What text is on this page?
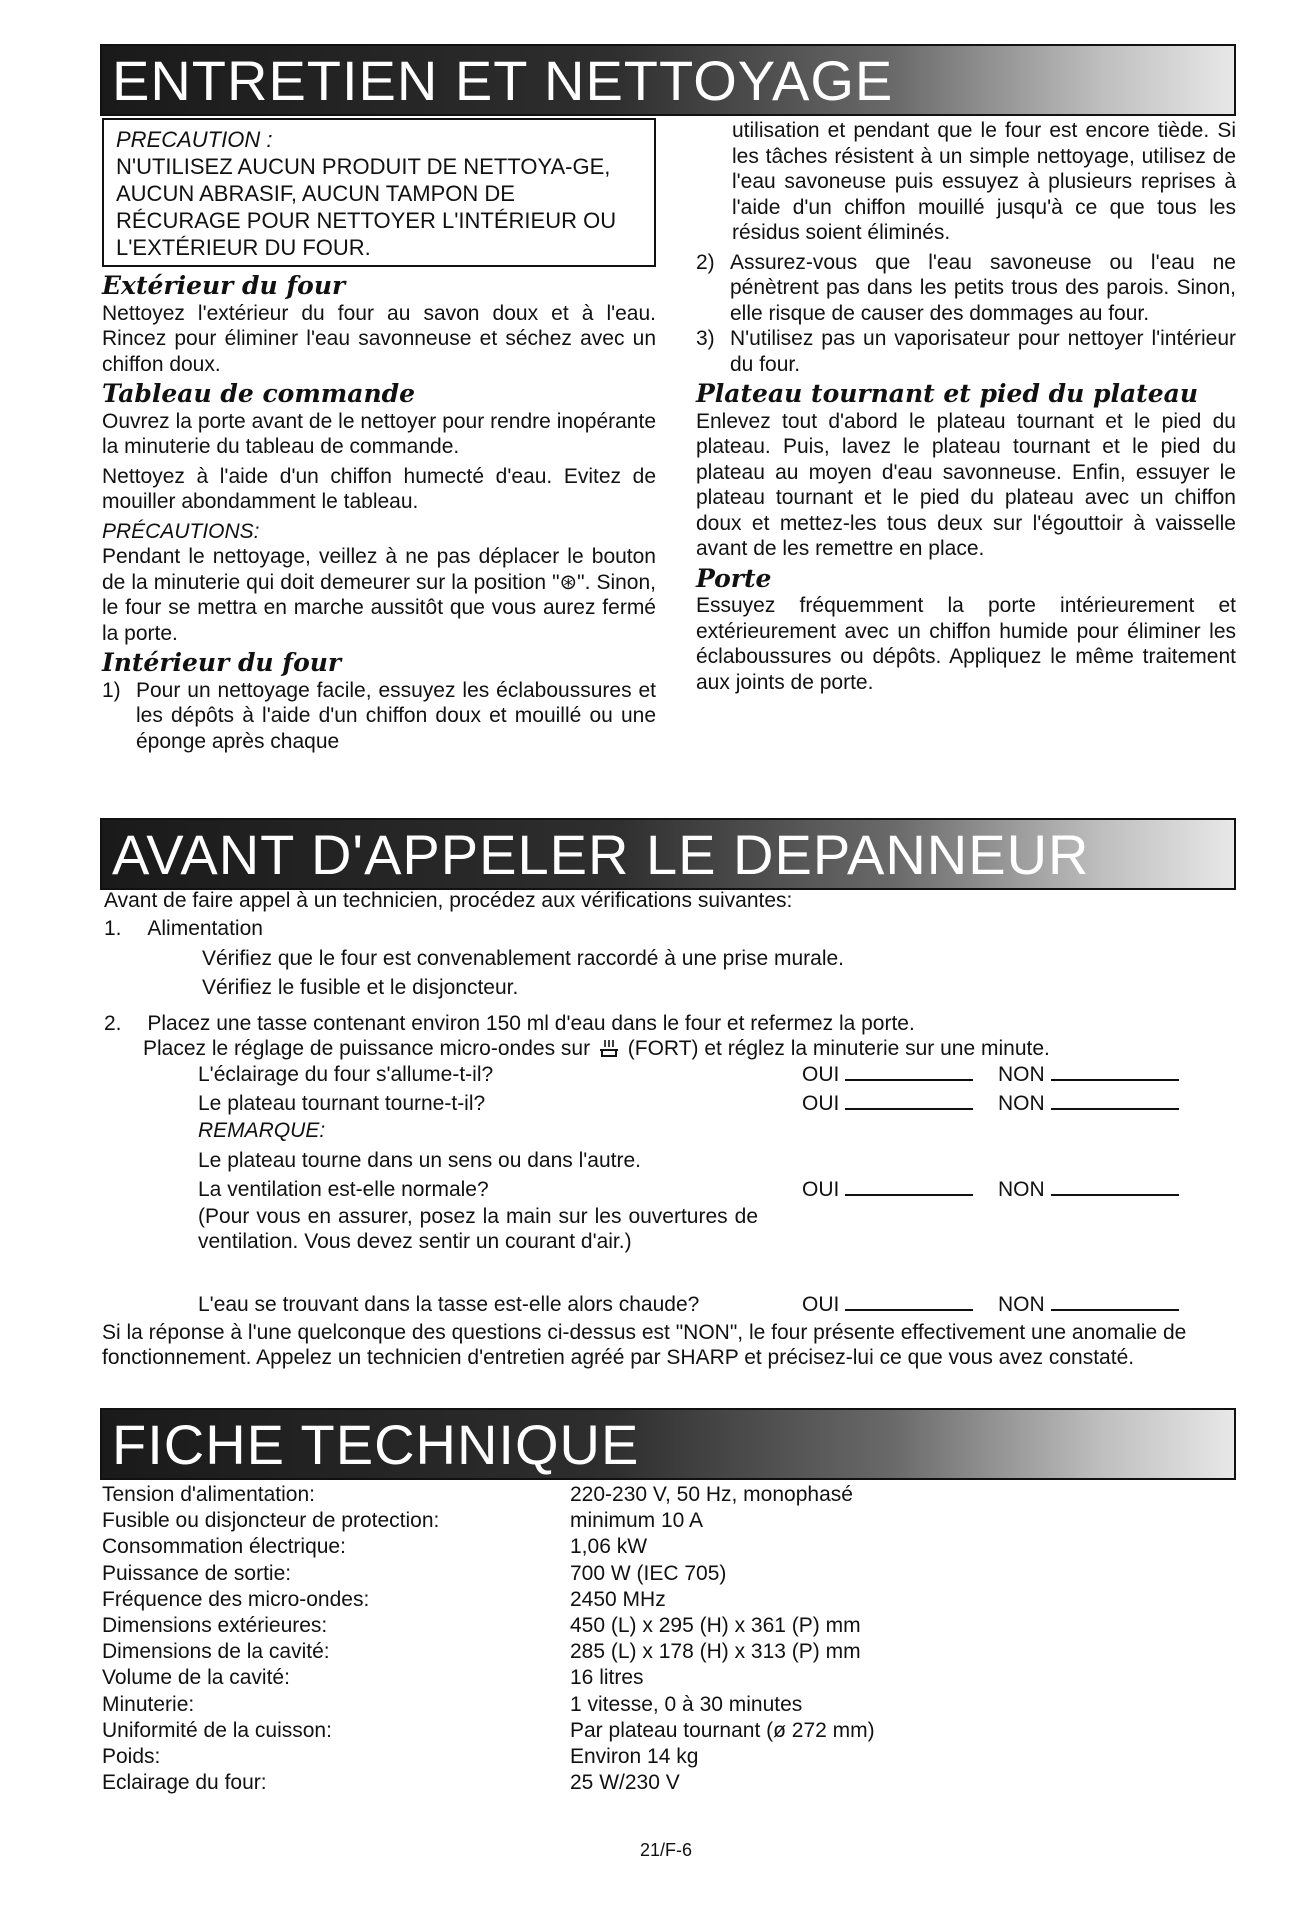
ENTRETIEN ET NETTOYAGE
PRECAUTION :
N'UTILISEZ AUCUN PRODUIT DE NETTOYA-GE, AUCUN ABRASIF, AUCUN TAMPON DE RÉCURAGE POUR NETTOYER L'INTÉRIEUR OU L'EXTÉRIEUR DU FOUR.
Extérieur du four

Nettoyez l'extérieur du four au savon doux et à l'eau. Rincez pour éliminer l'eau savonneuse et séchez avec un chiffon doux.

Tableau de commande

Ouvrez la porte avant de le nettoyer pour rendre inopérante la minuterie du tableau de commande.

Nettoyez à l'aide d'un chiffon humecté d'eau. Evitez de mouiller abondamment le tableau.

PRÉCAUTIONS:

Pendant le nettoyage, veillez à ne pas déplacer le bouton de la minuterie qui doit demeurer sur la position "⊛". Sinon, le four se mettra en marche aussitôt que vous aurez fermé la porte.

Intérieur du four
1) Pour un nettoyage facile, essuyez les éclaboussures et les dépôts à l'aide d'un chiffon doux et mouillé ou une éponge après chaque

utilisation et pendant que le four est encore tiède. Si les tâches résistent à un simple nettoyage, utilisez de l'eau savoneuse puis essuyez à plusieurs reprises à l'aide d'un chiffon mouillé jusqu'à ce que tous les résidus soient éliminés.

2) Assurez-vous que l'eau savoneuse ou l'eau ne pénètrent pas dans les petits trous des parois. Sinon, elle risque de causer des dommages au four.
3) N'utilisez pas un vaporisateur pour nettoyer l'intérieur du four.
Plateau tournant et pied du plateau

Enlevez tout d'abord le plateau tournant et le pied du plateau. Puis, lavez le plateau tournant et le pied du plateau au moyen d'eau savonneuse. Enfin, essuyer le plateau tournant et le pied du plateau avec un chiffon doux et mettez-les tous deux sur l'égouttoir à vaisselle avant de les remettre en place.

Porte

Essuyez fréquemment la porte intérieurement et extérieurement avec un chiffon humide pour éliminer les éclaboussures ou dépôts. Appliquez le même traitement aux joints de porte.

AVANT D'APPELER LE DEPANNEUR
Avant de faire appel à un technicien, procédez aux vérifications suivantes:
1. Alimentation
Vérifiez que le four est convenablement raccordé à une prise murale.
Vérifiez le fusible et le disjoncteur.
2. Placez une tasse contenant environ 150 ml d'eau dans le four et refermez la porte.
Placez le réglage de puissance micro-ondes sur (FORT) et réglez la minuterie sur une minute.
L'éclairage du four s'allume-t-il?	OUI	NON
Le plateau tournant tourne-t-il?	OUI	NON
REMARQUE:
Le plateau tourne dans un sens ou dans l'autre.
La ventilation est-elle normale?	OUI	NON
(Pour vous en assurer, posez la main sur les ouvertures de ventilation. Vous devez sentir un courant d'air.)
L'eau se trouvant dans la tasse est-elle alors chaude?	OUI	NON
Si la réponse à l'une quelconque des questions ci-dessus est "NON", le four présente effectivement une anomalie de fonctionnement. Appelez un technicien d'entretien agréé par SHARP et précisez-lui ce que vous avez constaté.
FICHE TECHNIQUE
Tension d'alimentation:	220-230 V, 50 Hz, monophasé
Fusible ou disjoncteur de protection:	minimum 10 A
Consommation électrique:	1,06 kW
Puissance de sortie:	700 W (IEC 705)
Fréquence des micro-ondes:	2450 MHz
Dimensions extérieures:	450 (L) x 295 (H) x 361 (P) mm
Dimensions de la cavité:	285 (L) x 178 (H) x 313 (P) mm
Volume de la cavité:	16 litres
Minuterie:	1 vitesse, 0 à 30 minutes
Uniformité de la cuisson:	Par plateau tournant (ø 272 mm)
Poids:	Environ 14 kg
Eclairage du four:	25 W/230 V
21/F-6
